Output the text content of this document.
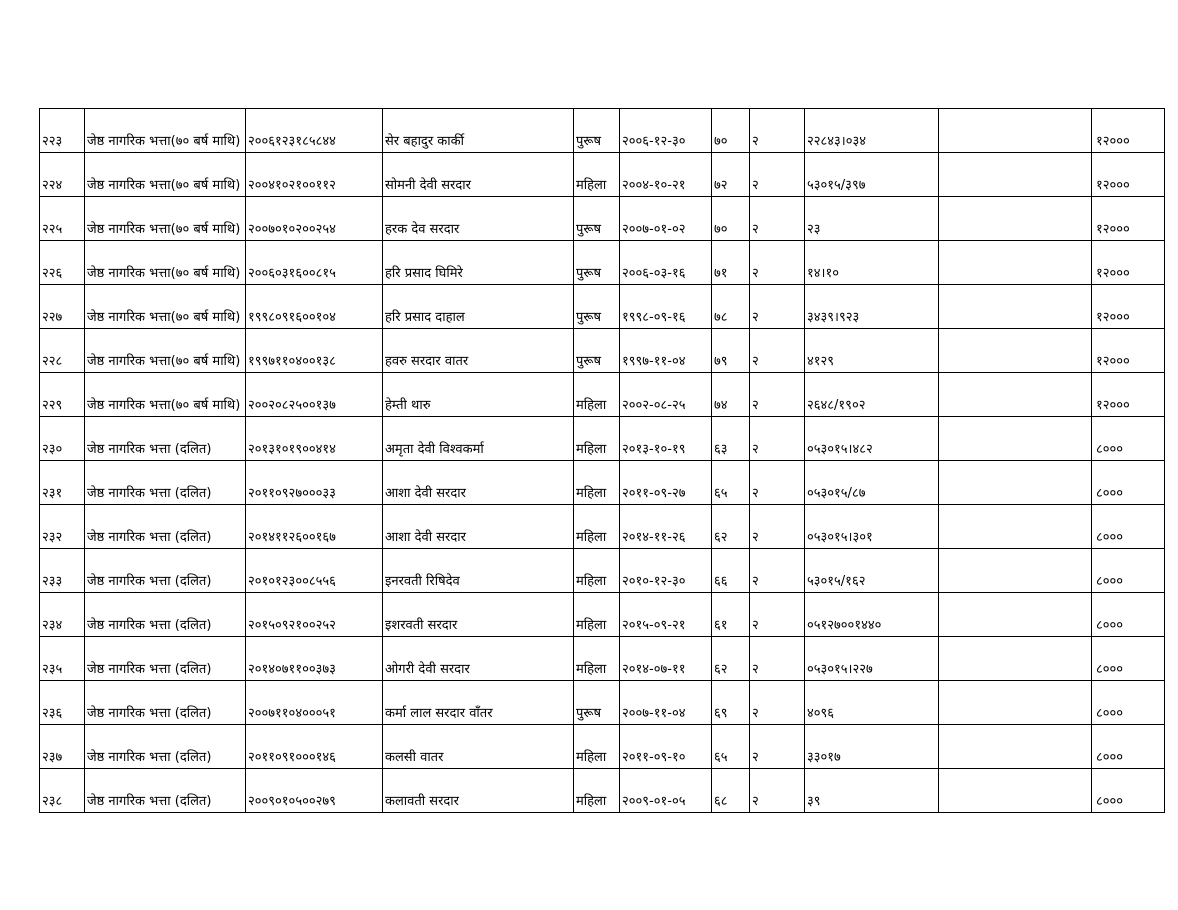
२२३	जेष्ठ नागरिक भत्ता(७० बर्ष माथि)	२००६१२३१८५८४४	सेर बहादुर कार्की	पुरूष	२००६-१२-३०	७०	२	२२८४३।०३४		१२०००
२२४	जेष्ठ नागरिक भत्ता(७० बर्ष माथि)	२००४१०२१००११२	सोमनी देवी सरदार	महिला	२००४-१०-२१	७२	२	५३०१५/३९७		१२०००
२२५	जेष्ठ नागरिक भत्ता(७० बर्ष माथि)	२००७०१०२००२५४	हरक देव सरदार	पुरूष	२००७-०१-०२	७०	२	२३		१२०००
२२६	जेष्ठ नागरिक भत्ता(७० बर्ष माथि)	२००६०३१६००८१५	हरि प्रसाद घिमिरे	पुरूष	२००६-०३-१६	७१	२	१४।१०		१२०००
२२७	जेष्ठ नागरिक भत्ता(७० बर्ष माथि)	१९९८०९१६००१०४	हरि प्रसाद दाहाल	पुरूष	१९९८-०९-१६	७८	२	३४३९।९२३		१२०००
२२८	जेष्ठ नागरिक भत्ता(७० बर्ष माथि)	१९९७११०४००१३८	हवरु सरदार वातर	पुरूष	१९९७-११-०४	७९	२	४१२९		१२०००
२२९	जेष्ठ नागरिक भत्ता(७० बर्ष माथि)	२००२०८२५००१३७	हेम्ती थारु	महिला	२००२-०८-२५	७४	२	२६४८/१९०२		१२०००
२३०	जेष्ठ नागरिक भत्ता (दलित)	२०१३१०१९००४१४	अमृता देवी विश्वकर्मा	महिला	२०१३-१०-१९	६३	२	०५३०१५।४८२		८०००
२३१	जेष्ठ नागरिक भत्ता (दलित)	२०११०९२७०००३३	आशा देवी सरदार	महिला	२०११-०९-२७	६५	२	०५३०१५/८७		८०००
२३२	जेष्ठ नागरिक भत्ता (दलित)	२०१४११२६००१६७	आशा देवी सरदार	महिला	२०१४-११-२६	६२	२	०५३०१५।३०१		८०००
२३३	जेष्ठ नागरिक भत्ता (दलित)	२०१०१२३००८५५६	इनरवती रिषिदेव	महिला	२०१०-१२-३०	६६	२	५३०१५/१६२		८०००
२३४	जेष्ठ नागरिक भत्ता (दलित)	२०१५०९२१००२५२	इशरवती सरदार	महिला	२०१५-०९-२१	६१	२	०५१२७००१४४०		८०००
२३५	जेष्ठ नागरिक भत्ता (दलित)	२०१४०७११००३७३	ओगरी देवी सरदार	महिला	२०१४-०७-११	६२	२	०५३०१५।२२७		८०००
२३६	जेष्ठ नागरिक भत्ता (दलित)	२००७११०४०००५१	कर्मा लाल सरदार वाँतर	पुरूष	२००७-११-०४	६९	२	४०९६		८०००
२३७	जेष्ठ नागरिक भत्ता (दलित)	२०११०९१०००१४६	कलसी वातर	महिला	२०११-०९-१०	६५	२	३३०१७		८०००
२३८	जेष्ठ नागरिक भत्ता (दलित)	२००९०१०५००२७९	कलावती सरदार	महिला	२००९-०१-०५	६८	२	३९		८०००
